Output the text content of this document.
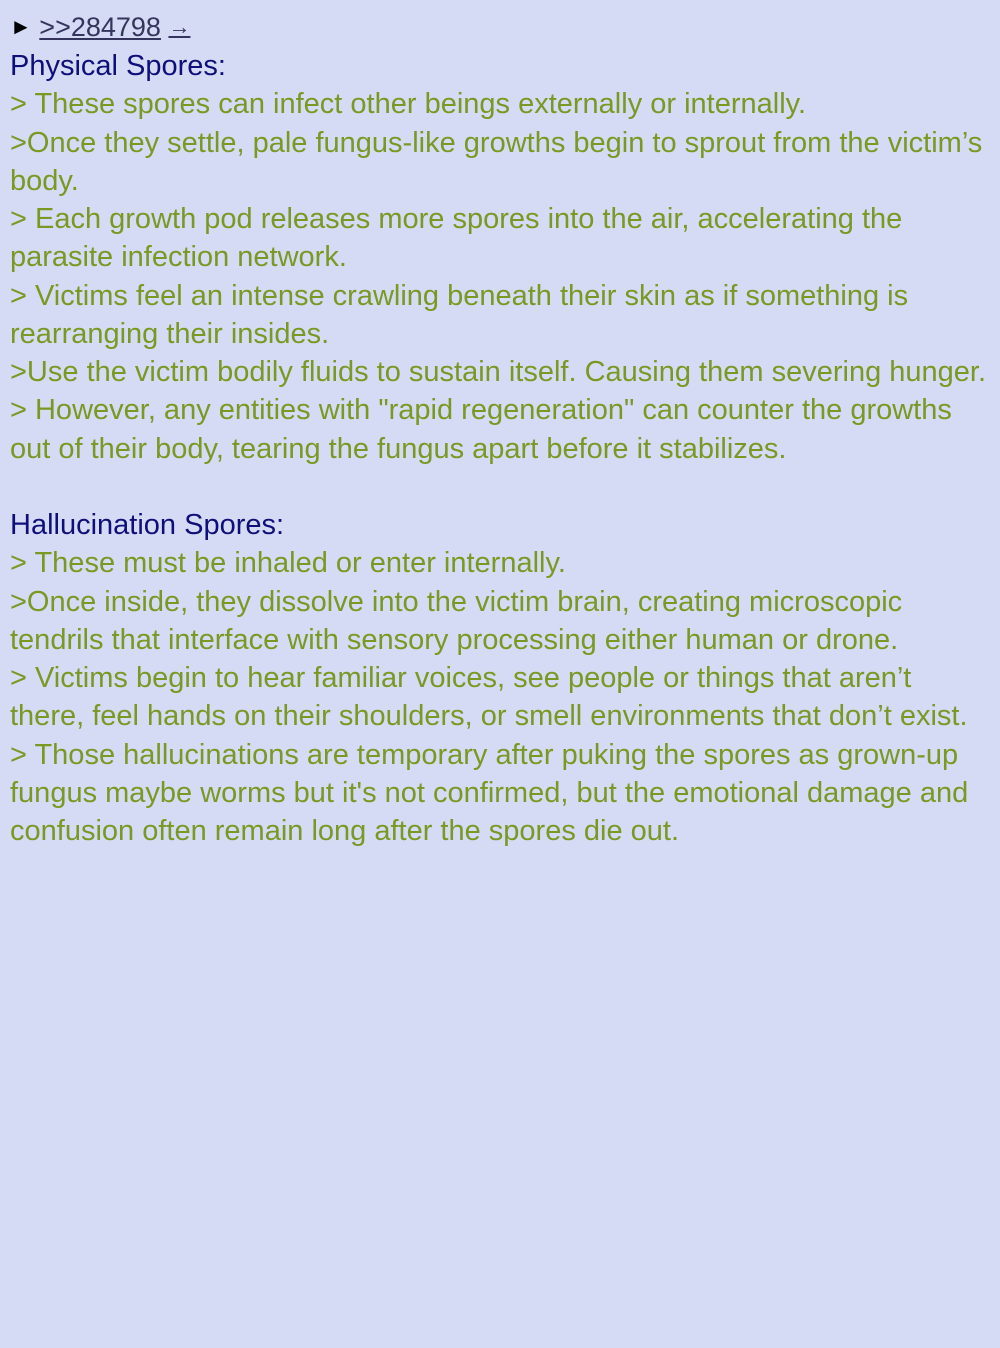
► >>284798 →
Physical Spores:
> These spores can infect other beings externally or internally.
>Once they settle, pale fungus-like growths begin to sprout from the victim’s body.
> Each growth pod releases more spores into the air, accelerating the parasite infection network.
> Victims feel an intense crawling beneath their skin as if something is rearranging their insides.
>Use the victim bodily fluids to sustain itself. Causing them severing hunger.
> However, any entities with "rapid regeneration" can counter the growths out of their body, tearing the fungus apart before it stabilizes.
Hallucination Spores:
> These must be inhaled or enter internally.
>Once inside, they dissolve into the victim brain, creating microscopic tendrils that interface with sensory processing either human or drone.
> Victims begin to hear familiar voices, see people or things that aren’t there, feel hands on their shoulders, or smell environments that don’t exist.
> Those hallucinations are temporary after puking the spores as grown-up fungus maybe worms but it's not confirmed, but the emotional damage and confusion often remain long after the spores die out.
